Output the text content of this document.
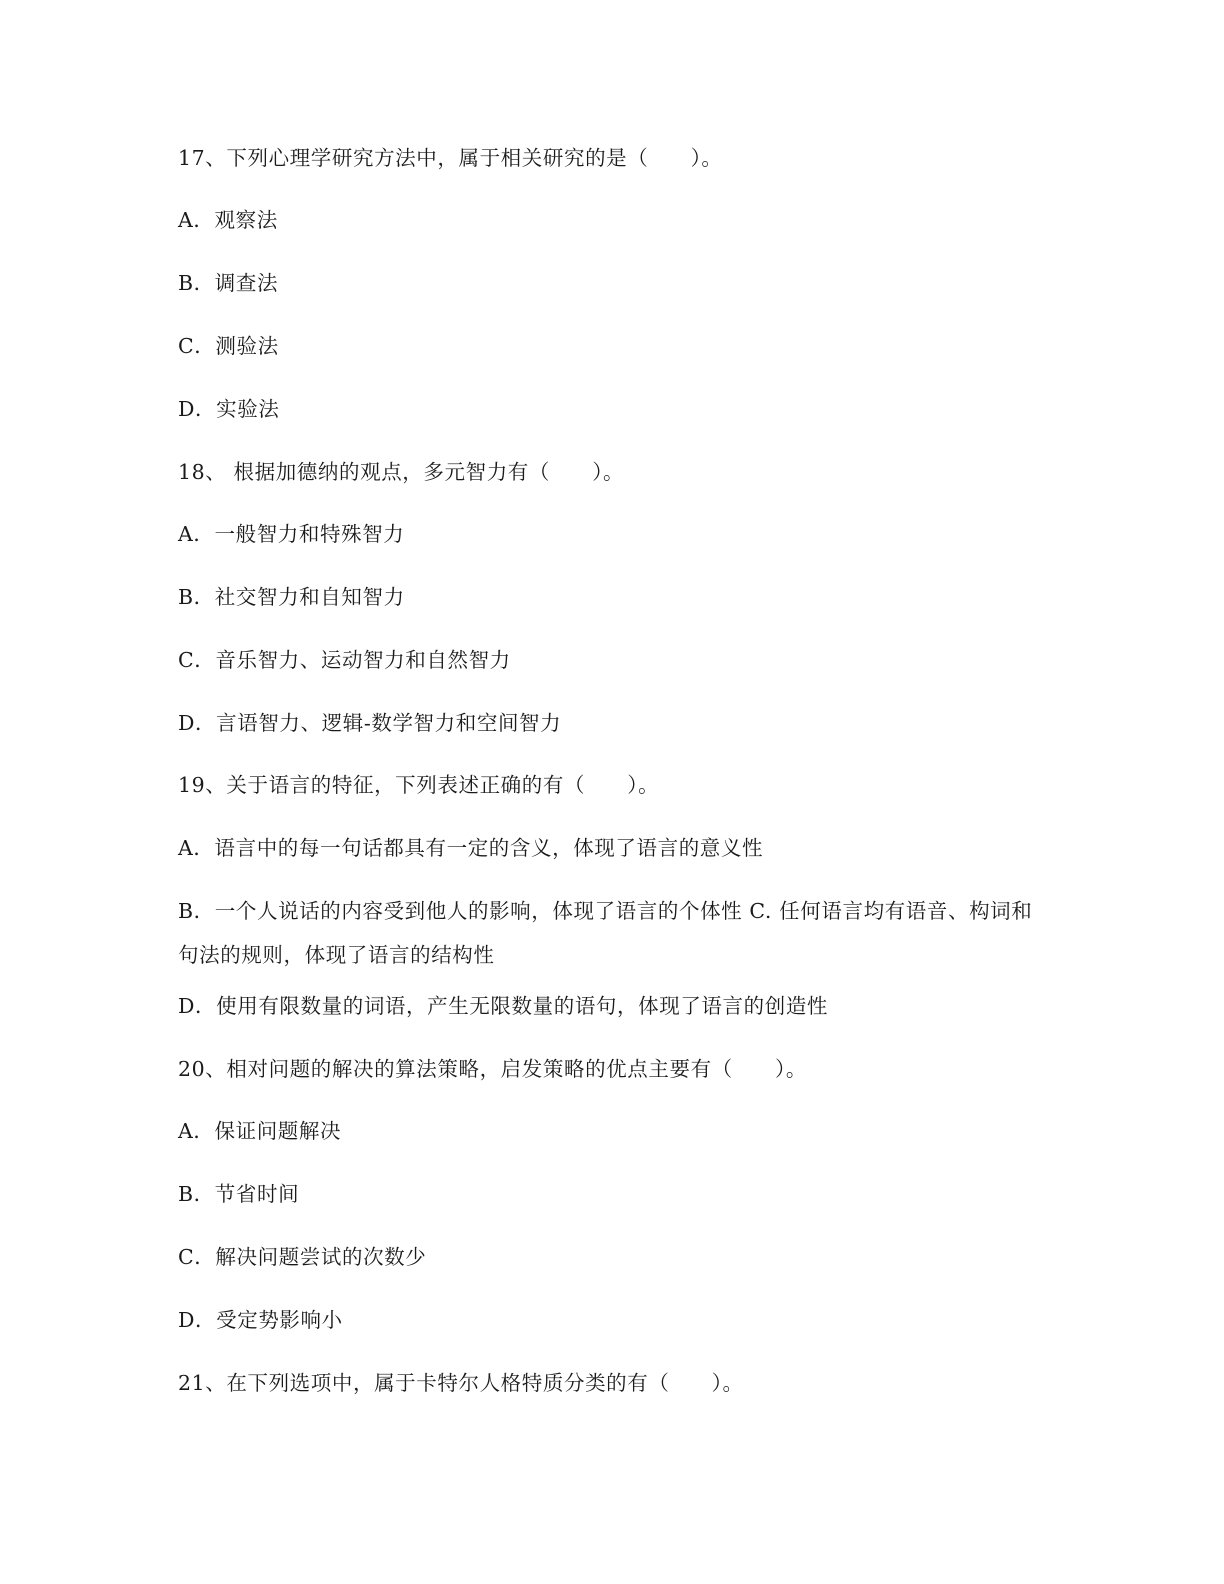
17、下列心理学研究方法中，属于相关研究的是（　　）。
A．观察法
B．调查法
C．测验法
D．实验法
18、 根据加德纳的观点，多元智力有（　　）。
A．一般智力和特殊智力
B．社交智力和自知智力
C．音乐智力、运动智力和自然智力
D．言语智力、逻辑-数学智力和空间智力
19、关于语言的特征，下列表述正确的有（　　）。
A．语言中的每一句话都具有一定的含义，体现了语言的意义性
B．一个人说话的内容受到他人的影响，体现了语言的个体性 C. 任何语言均有语音、构词和句法的规则，体现了语言的结构性
D．使用有限数量的词语，产生无限数量的语句，体现了语言的创造性
20、相对问题的解决的算法策略，启发策略的优点主要有（　　）。
A．保证问题解决
B．节省时间
C．解决问题尝试的次数少
D．受定势影响小
21、在下列选项中，属于卡特尔人格特质分类的有（　　）。
